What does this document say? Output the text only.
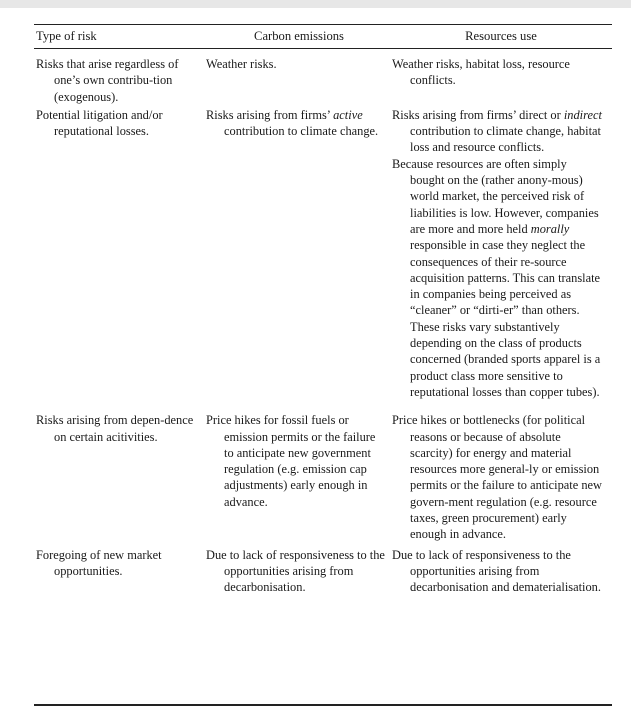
Type of risk	Carbon emissions	Resources use

Risks that arise regardless of one’s own contribu-tion (exogenous).	Weather risks.	Weather risks, habitat loss, resource conflicts.

Potential litigation and/or reputational losses.	Risks arising from firms’ active contribution to climate change.	Risks arising from firms’ direct or indirect contribution to climate change, habitat loss and resource conflicts.
Because resources are often simply bought on the (rather anony-mous) world market, the perceived risk of liabilities is low. However, companies are more and more held morally responsible in case they neglect the consequences of their re-source acquisition patterns. This can translate in companies being perceived as “cleaner” or “dirti-er” than others. These risks vary substantively depending on the class of products concerned (branded sports apparel is a product class more sensitive to reputational losses than copper tubes).

Risks arising from depen-dence on certain acitivities.	Price hikes for fossil fuels or emission permits or the failure to anticipate new government regulation (e.g. emission cap adjustments) early enough in advance.	Price hikes or bottlenecks (for political reasons or because of absolute scarcity) for energy and material resources more general-ly or emission permits or the failure to anticipate new govern-ment regulation (e.g. resource taxes, green procurement) early enough in advance.

Foregoing of new market opportunities.	Due to lack of responsiveness to the opportunities arising from decarbonisation.	Due to lack of responsiveness to the opportunities arising from decarbonisation and dematerialisation.
